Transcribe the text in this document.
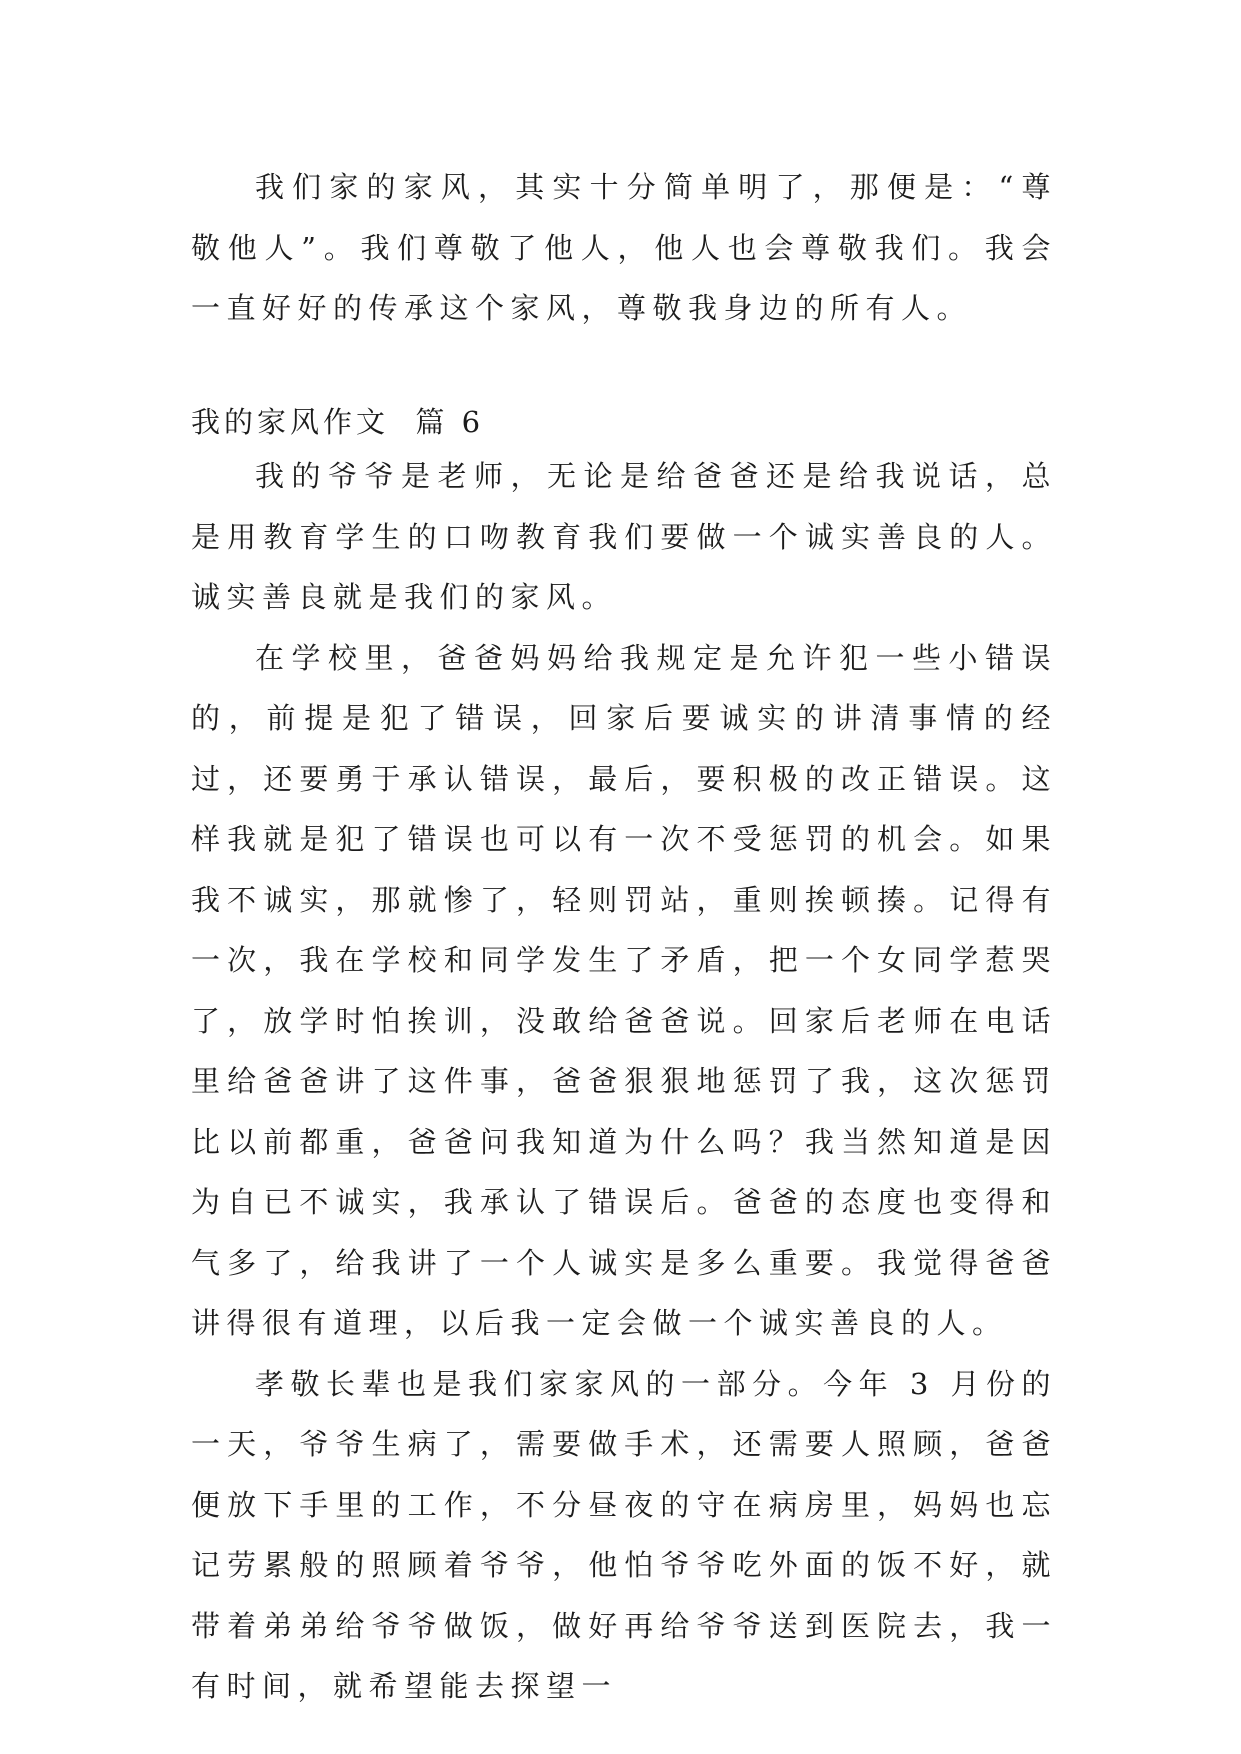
我们家的家风，其实十分简单明了，那便是：“尊敬他人”。我们尊敬了他人，他人也会尊敬我们。我会一直好好的传承这个家风，尊敬我身边的所有人。

我的家风作文  篇 6

我的爷爷是老师，无论是给爸爸还是给我说话，总是用教育学生的口吻教育我们要做一个诚实善良的人。诚实善良就是我们的家风。

在学校里，爸爸妈妈给我规定是允许犯一些小错误的，前提是犯了错误，回家后要诚实的讲清事情的经过，还要勇于承认错误，最后，要积极的改正错误。这样我就是犯了错误也可以有一次不受惩罚的机会。如果我不诚实，那就惨了，轻则罚站，重则挨顿揍。记得有一次，我在学校和同学发生了矛盾，把一个女同学惹哭了，放学时怕挨训，没敢给爸爸说。回家后老师在电话里给爸爸讲了这件事，爸爸狠狠地惩罚了我，这次惩罚比以前都重，爸爸问我知道为什么吗？我当然知道是因为自已不诚实，我承认了错误后。爸爸的态度也变得和气多了，给我讲了一个人诚实是多么重要。我觉得爸爸讲得很有道理，以后我一定会做一个诚实善良的人。

孝敬长辈也是我们家家风的一部分。今年 3 月份的一天，爷爷生病了，需要做手术，还需要人照顾，爸爸便放下手里的工作，不分昼夜的守在病房里，妈妈也忘记劳累般的照顾着爷爷，他怕爷爷吃外面的饭不好，就带着弟弟给爷爷做饭，做好再给爷爷送到医院去，我一有时间，就希望能去探望一
